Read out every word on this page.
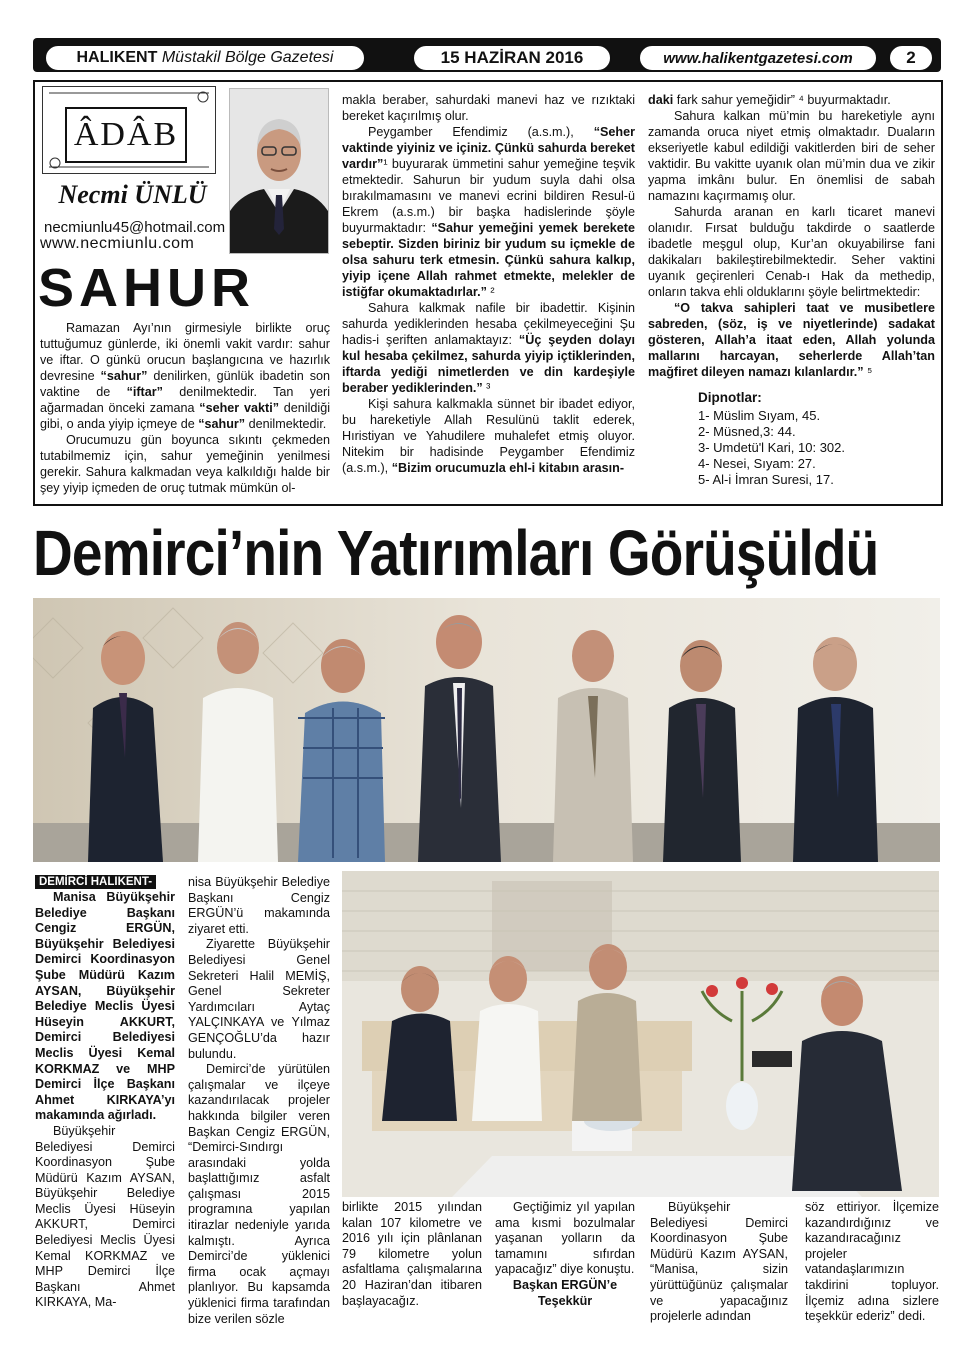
HALIKENT
Müstakil Bölge Gazetesi	15 HAZİRAN 2016	www.halikentgazetesi.com	2
ÂDÂB
Necmi ÜNLÜ
necmiunlu45@hotmail.com
www.necmiunlu.com
SAHUR

Ramazan Ayı’nın girmesiyle birlikte oruç tuttuğumuz günlerde, iki önemli vakit vardır: sahur ve iftar. O günkü orucun başlangıcına ve hazırlık devresine “sahur” denilirken, günlük ibadetin son vaktine de “iftar” denilmektedir. Tan yeri ağarmadan önceki zamana “seher vakti” denildiği gibi, o anda yiyip içmeye de “sahur” denilmektedir.

Orucumuzu gün boyunca sıkıntı çekmeden tutabilmemiz için, sahur yemeğinin yenilmesi gerekir. Sahura kalkmadan veya kalkıldığı halde bir şey yiyip içmeden de oruç tutmak mümkün ol-

makla beraber, sahurdaki manevi haz ve rızıktaki bereket kaçırılmış olur.

Peygamber Efendimiz (a.s.m.), “Seher vaktinde yiyiniz ve içiniz. Çünkü sahurda bereket vardır”¹ buyurarak ümmetini sahur yemeğine teşvik etmektedir. Sahurun bir yudum suyla dahi olsa bırakılmamasını ve manevi ecrini bildiren Resul-ü Ekrem (a.s.m.) bir başka hadislerinde şöyle buyurmaktadır: “Sahur yemeğini yemek berekete sebeptir. Sizden biriniz bir yudum su içmekle de olsa sahuru terk etmesin. Çünkü sahura kalkıp, yiyip içene Allah rahmet etmekte, melekler de istiğfar okumaktadırlar.” ²

Sahura kalkmak nafile bir ibadettir. Kişinin sahurda yediklerinden hesaba çekilmeyeceğini Şu hadis-i şeriften anlamaktayız: “Üç şeyden dolayı kul hesaba çekilmez, sahurda yiyip içtiklerinden, iftarda yediği nimetlerden ve din kardeşiyle beraber yediklerinden.” ³

Kişi sahura kalkmakla sünnet bir ibadet ediyor, bu hareketiyle Allah Resulünü taklit ederek, Hıristiyan ve Yahudilere muhalefet etmiş oluyor. Nitekim bir hadisinde Peygamber Efendimiz (a.s.m.), “Bizim orucumuzla ehl-i kitabın arasın-

daki fark sahur yemeğidir” ⁴ buyurmaktadır.

Sahura kalkan mü’min bu hareketiyle aynı zamanda oruca niyet etmiş olmaktadır. Duaların ekseriyetle kabul edildiği vakitlerden biri de seher vaktidir. Bu vakitte uyanık olan mü’min dua ve zikir yapma imkânı bulur. En önemlisi de sabah namazını kaçırmamış olur.

Sahurda aranan en karlı ticaret manevi olanıdır. Fırsat bulduğu takdirde o saatlerde ibadetle meşgul olup, Kur’an okuyabilirse fani dakikaları bakileştirebilmektedir. Seher vaktini uyanık geçirenleri Cenab-ı Hak da methedip, onların takva ehli olduklarını şöyle belirtmektedir:

“O takva sahipleri taat ve musibetlere sabreden, (söz, iş ve niyetlerinde) sadakat gösteren, Allah’a itaat eden, Allah yolunda mallarını harcayan, seherlerde Allah’tan mağfiret dileyen namazı kılanlardır.” ⁵

Dipnotlar:
1- Müslim Sıyam, 45.
2- Müsned,3: 44.
3- Umdetü'l Kari, 10: 302.
4- Nesei, Sıyam: 27.
5- Al-i İmran Suresi, 17.
Demirci’nin Yatırımları Görüşüldü
DEMİRCİ HALIKENT-

Manisa Büyükşehir Belediye Başkanı Cengiz ERGÜN, Büyükşehir Belediyesi Demirci Koordinasyon Şube Müdürü Kazım AYSAN, Büyükşehir Belediye Meclis Üyesi Hüseyin AKKURT, Demirci Belediyesi Meclis Üyesi Kemal KORKMAZ ve MHP Demirci İlçe Başkanı Ahmet KIRKAYA’yı makamında ağırladı.

Büyükşehir Belediyesi Demirci Koordinasyon Şube Müdürü Kazım AYSAN, Büyükşehir Belediye Meclis Üyesi Hüseyin AKKURT, Demirci Belediyesi Meclis Üyesi Kemal KORKMAZ ve MHP Demirci İlçe Başkanı Ahmet KIRKAYA, Ma-

nisa Büyükşehir Belediye Başkanı Cengiz ERGÜN’ü makamında ziyaret etti.

Ziyarette Büyükşehir Belediyesi Genel Sekreteri Halil MEMİŞ, Genel Sekreter Yardımcıları Aytaç YALÇINKAYA ve Yılmaz GENÇOĞLU’da hazır bulundu.

Demirci’de yürütülen çalışmalar ve ilçeye kazandırılacak projeler hakkında bilgiler veren Başkan Cengiz ERGÜN, “Demirci-Sındırgı arasındaki yolda başlattığımız asfalt çalışması 2015 programına yapılan itirazlar nedeniyle yarıda kalmıştı. Ayrıca Demirci’de yüklenici firma ocak açmayı planlıyor. Bu kapsamda yüklenici firma tarafından bize verilen sözle

birlikte 2015 yılından kalan 107 kilometre ve 2016 yılı için plânlanan 79 kilometre yolun asfaltlama çalışmalarına 20 Haziran’dan itibaren başlayacağız.

Geçtiğimiz yıl yapılan ama kısmi bozulmalar yaşanan yolların da tamamını sıfırdan yapacağız” diye konuştu.

Başkan ERGÜN’e Teşekkür

Büyükşehir Belediyesi Demirci Koordinasyon Şube Müdürü Kazım AYSAN, “Manisa, sizin yürüttüğünüz çalışmalar ve yapacağınız projelerle adından

söz ettiriyor. İlçemize kazandırdığınız ve kazandıracağınız projeler vatandaşlarımızın takdirini topluyor. İlçemiz adına sizlere teşekkür ederiz” dedi.
